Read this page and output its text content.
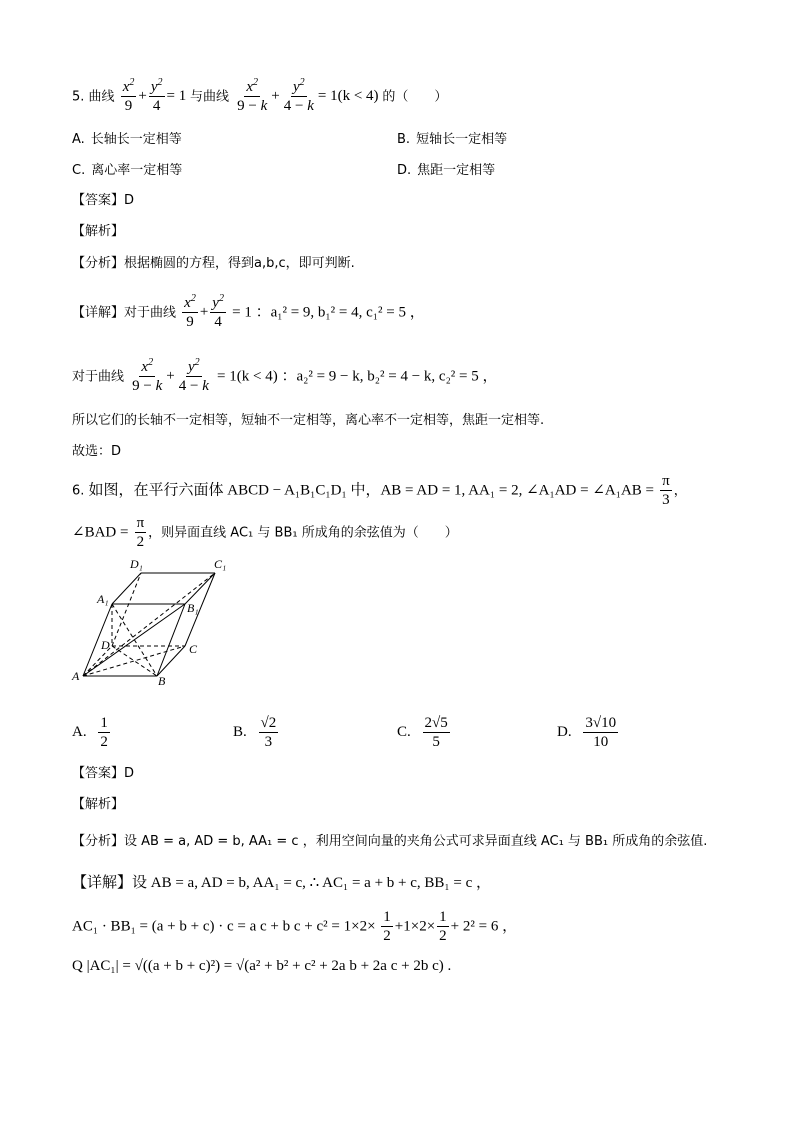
5. 曲线 $\frac{x^2}{9} + \frac{y^2}{4} = 1$ 与曲线 $\frac{x^2}{9 - k} + \frac{y^2}{4 - k} = 1(k < 4)$ 的（　　）
A. 长轴长一定相等	B. 短轴长一定相等
C. 离心率一定相等	D. 焦距一定相等
【答案】D
【解析】
【分析】根据椭圆的方程，得到a,b,c，即可判断.
【详解】对于曲线 $\frac{x^2}{9} + \frac{y^2}{4} = 1$ ：a₁² = 9, b₁² = 4, c₁² = 5 ，
对于曲线 $\frac{x^2}{9 - k} + \frac{y^2}{4 - k} = 1(k < 4)$ ：a₂² = 9 − k, b₂² = 4 − k, c₂² = 5 ，
所以它们的长轴不一定相等，短轴不一定相等，离心率不一定相等，焦距一定相等.
故选：D
6. 如图，在平行六面体 ABCD − A₁B₁C₁D₁ 中，AB = AD = 1, AA₁ = 2, ∠A₁AD = ∠A₁AB = $\frac{\pi}{3}$ ，
∠BAD = $\frac{\pi}{2}$ ，则异面直线 AC₁ 与 BB₁ 所成角的余弦值为（　　）
D₁	C₁
A₁
B₁
D	C
A	B
A. $\frac{1}{2}$	B. $\frac{√2}{3}$	C. $\frac{2√5}{5}$	D. $\frac{3√10}{10}$
【答案】D
【解析】
【分析】设 AB = a, AD = b, AA₁ = c ，利用空间向量的夹角公式可求异面直线 AC₁ 与 BB₁ 所成角的余弦值.
【详解】设 AB = a, AD = b, AA₁ = c, ∴ AC₁ = a + b + c, BB₁ = c ，
AC₁ · BB₁ = (a + b + c) · c = a c + b $c + c^2 = 1\times 2\times \frac{1}{2} +1\times 2\times \frac{1}{2} + 2^2 = 6$ ，
Q |AC₁| = √((a + b + c)²) = √(a² + b² + c² + 2a b + 2a c + 2b c) .
